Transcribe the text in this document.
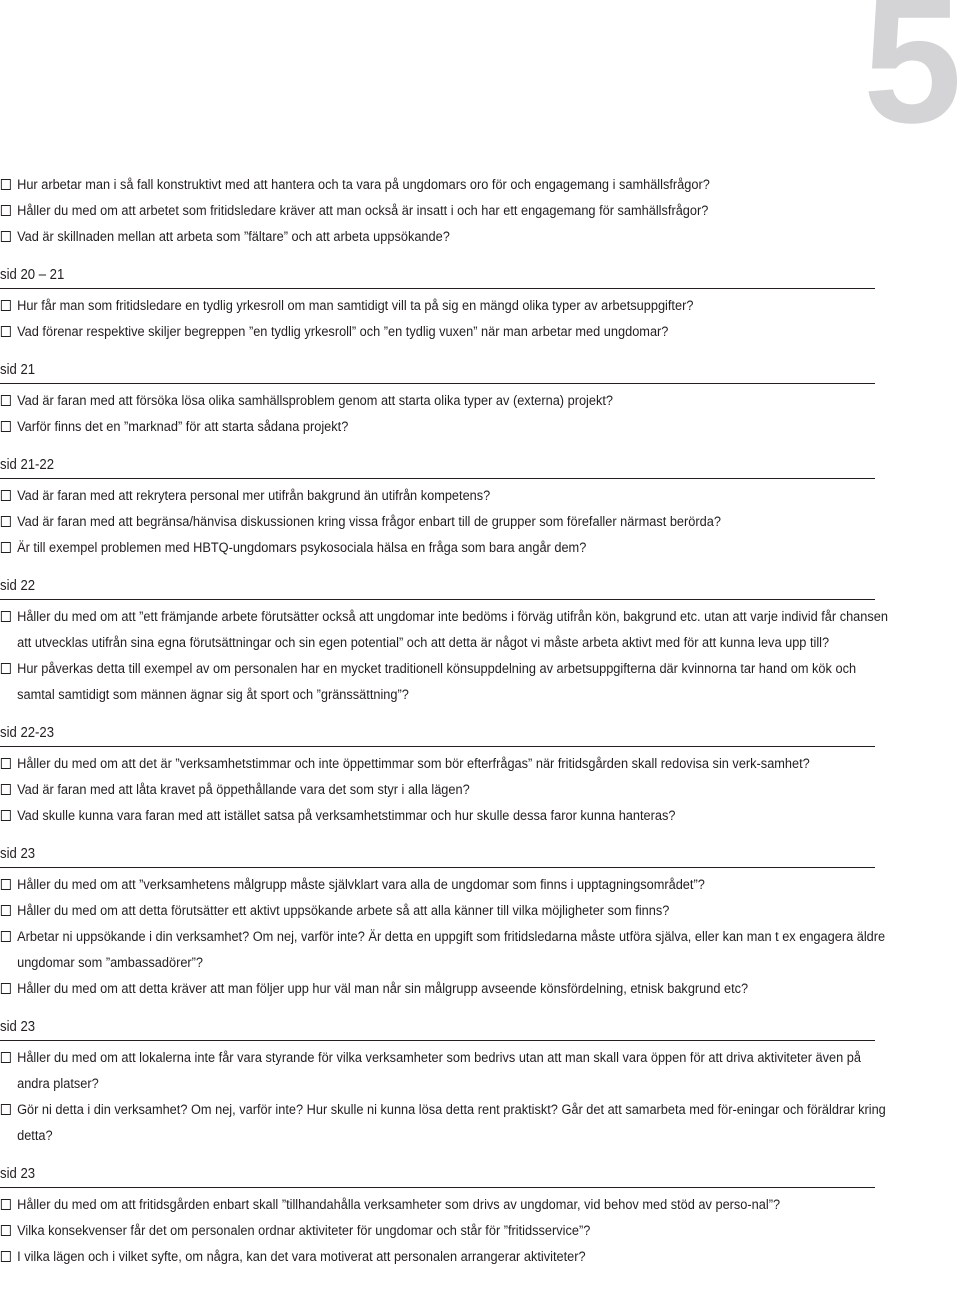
5

Hur arbetar man i så fall konstruktivt med att hantera och ta vara på ungdomars oro för och engagemang i samhällsfrågor?

Håller du med om att arbetet som fritidsledare kräver att man också är insatt i och har ett engagemang för samhällsfrågor?

Vad är skillnaden mellan att arbeta som ”fältare” och att arbeta uppsökande?

sid 20 – 21

Hur får man som fritidsledare en tydlig yrkesroll om man samtidigt vill ta på sig en mängd olika typer av arbetsuppgifter?

Vad förenar respektive skiljer begreppen ”en tydlig yrkesroll” och ”en tydlig vuxen” när man arbetar med ungdomar?

sid 21

Vad är faran med att försöka lösa olika samhällsproblem genom att starta olika typer av (externa) projekt?

Varför finns det en ”marknad” för att starta sådana projekt?

sid 21-22

Vad är faran med att rekrytera personal mer utifrån bakgrund än utifrån kompetens?

Vad är faran med att begränsa/hänvisa diskussionen kring vissa frågor enbart till de grupper som förefaller närmast berörda?

Är till exempel problemen med HBTQ-ungdomars psykosociala hälsa en fråga som bara angår dem?

sid 22

Håller du med om att ”ett främjande arbete förutsätter också att ungdomar inte bedöms i förväg utifrån kön, bakgrund etc. utan att varje individ får chansen att utvecklas utifrån sina egna förutsättningar och sin egen potential” och att detta är något vi måste arbeta aktivt med för att kunna leva upp till?

Hur påverkas detta till exempel av om personalen har en mycket traditionell könsuppdelning av arbetsuppgifterna där kvinnorna tar hand om kök och samtal samtidigt som männen ägnar sig åt sport och ”gränssättning”?

sid 22-23

Håller du med om att det är ”verksamhetstimmar och inte öppettimmar som bör efterfrågas” när fritidsgården skall redovisa sin verk-samhet?

Vad är faran med att låta kravet på öppethållande vara det som styr i alla lägen?

Vad skulle kunna vara faran med att istället satsa på verksamhetstimmar och hur skulle dessa faror kunna hanteras?

sid 23

Håller du med om att ”verksamhetens målgrupp måste självklart vara alla de ungdomar som finns i upptagningsområdet”?

Håller du med om att detta förutsätter ett aktivt uppsökande arbete så att alla känner till vilka möjligheter som finns?

Arbetar ni uppsökande i din verksamhet? Om nej, varför inte? Är detta en uppgift som fritidsledarna måste utföra själva, eller kan man t ex engagera äldre ungdomar som ”ambassadörer”?

Håller du med om att detta kräver att man följer upp hur väl man når sin målgrupp avseende könsfördelning, etnisk bakgrund etc?

sid 23

Håller du med om att lokalerna inte får vara styrande för vilka verksamheter som bedrivs utan att man skall vara öppen för att driva aktiviteter även på andra platser?

Gör ni detta i din verksamhet? Om nej, varför inte? Hur skulle ni kunna lösa detta rent praktiskt? Går det att samarbeta med för-eningar och föräldrar kring detta?

sid 23

Håller du med om att fritidsgården enbart skall ”tillhandahålla verksamheter som drivs av ungdomar, vid behov med stöd av perso-nal”?

Vilka konsekvenser får det om personalen ordnar aktiviteter för ungdomar och står för ”fritidsservice”?

I vilka lägen och i vilket syfte, om några, kan det vara motiverat att personalen arrangerar aktiviteter?
